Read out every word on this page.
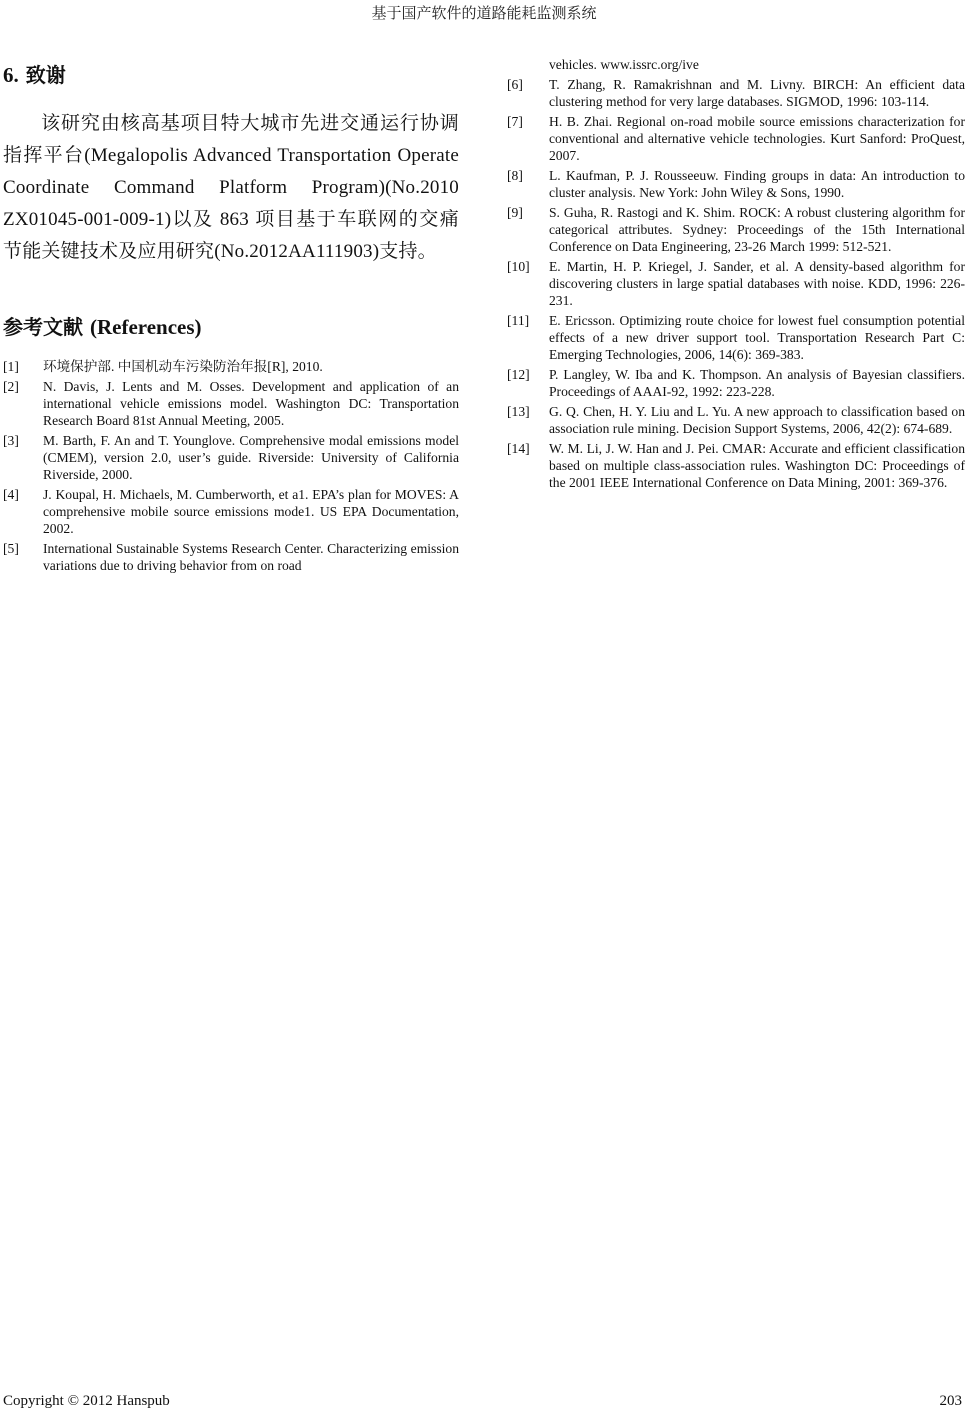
基于国产软件的道路能耗监测系统
6. 致谢

该研究由核高基项目特大城市先进交通运行协调指挥平台(Megalopolis Advanced Transportation Operate Coordinate Command Platform Program)(No.2010 ZX01045-001-009-1)以及 863 项目基于车联网的交痛节能关键技术及应用研究(No.2012AA111903)支持。

参考文献 (References)
[1]	环境保护部. 中国机动车污染防治年报[R], 2010.
[2]	N. Davis, J. Lents and M. Osses. Development and application of an international vehicle emissions model. Washington DC: Transportation Research Board 81st Annual Meeting, 2005.
[3]	M. Barth, F. An and T. Younglove. Comprehensive modal emissions model (CMEM), version 2.0, user’s guide. Riverside: University of California Riverside, 2000.
[4]	J. Koupal, H. Michaels, M. Cumberworth, et a1. EPA’s plan for MOVES: A comprehensive mobile source emissions mode1. US EPA Documentation, 2002.
[5]	International Sustainable Systems Research Center. Characterizing emission variations due to driving behavior from on road
vehicles. www.issrc.org/ive
[6]	T. Zhang, R. Ramakrishnan and M. Livny. BIRCH: An efficient data clustering method for very large databases. SIGMOD, 1996: 103-114.
[7]	H. B. Zhai. Regional on-road mobile source emissions characterization for conventional and alternative vehicle technologies. Kurt Sanford: ProQuest, 2007.
[8]	L. Kaufman, P. J. Rousseeuw. Finding groups in data: An introduction to cluster analysis. New York: John Wiley & Sons, 1990.
[9]	S. Guha, R. Rastogi and K. Shim. ROCK: A robust clustering algorithm for categorical attributes. Sydney: Proceedings of the 15th International Conference on Data Engineering, 23-26 March 1999: 512-521.
[10]	E. Martin, H. P. Kriegel, J. Sander, et al. A density-based algorithm for discovering clusters in large spatial databases with noise. KDD, 1996: 226-231.
[11]	E. Ericsson. Optimizing route choice for lowest fuel consumption potential effects of a new driver support tool. Transportation Research Part C: Emerging Technologies, 2006, 14(6): 369-383.
[12]	P. Langley, W. Iba and K. Thompson. An analysis of Bayesian classifiers. Proceedings of AAAI-92, 1992: 223-228.
[13]	G. Q. Chen, H. Y. Liu and L. Yu. A new approach to classification based on association rule mining. Decision Support Systems, 2006, 42(2): 674-689.
[14]	W. M. Li, J. W. Han and J. Pei. CMAR: Accurate and efficient classification based on multiple class-association rules. Washington DC: Proceedings of the 2001 IEEE International Conference on Data Mining, 2001: 369-376.
Copyright © 2012 Hanspub	203
